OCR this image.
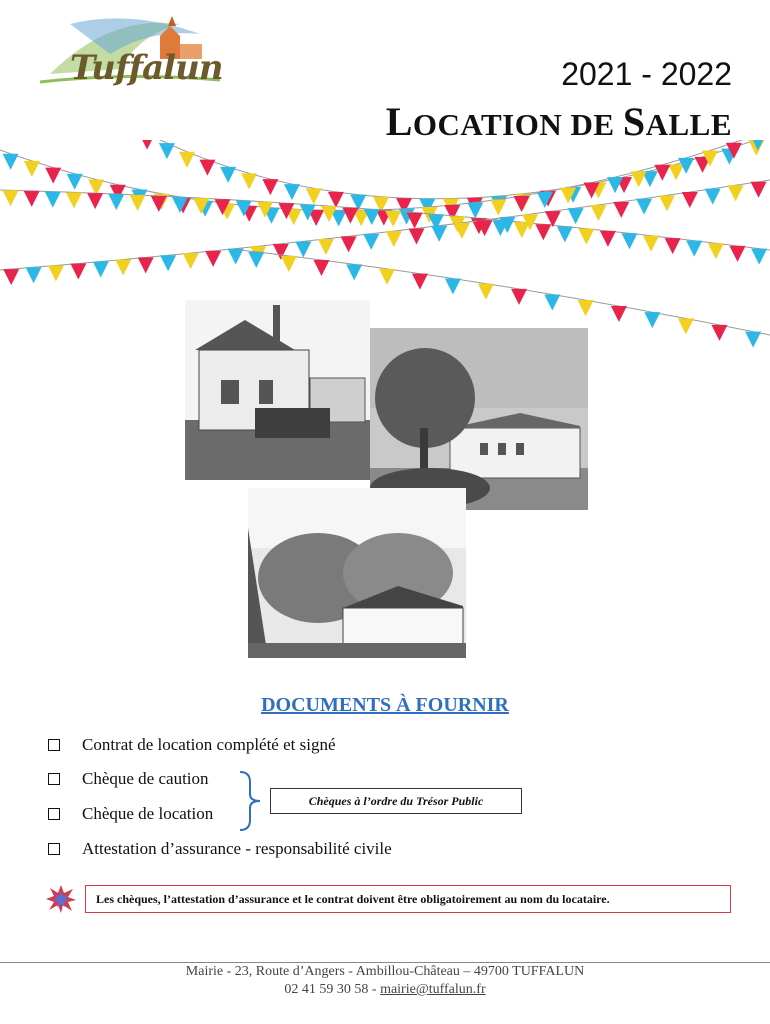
Tuffalun	2021 - 2022
LOCATION DE SALLE
DOCUMENTS À FOURNIR
Contrat de location complété et signé
Chèque de caution
Chèque de location
Attestation d’assurance - responsabilité civile
Chèques à l’ordre du Trésor Public
Les chèques, l’attestation d’assurance et le contrat doivent être obligatoirement au nom du locataire.
Mairie - 23, Route d’Angers - Ambillou-Château – 49700 TUFFALUN
02 41 59 30 58 - mairie@tuffalun.fr
